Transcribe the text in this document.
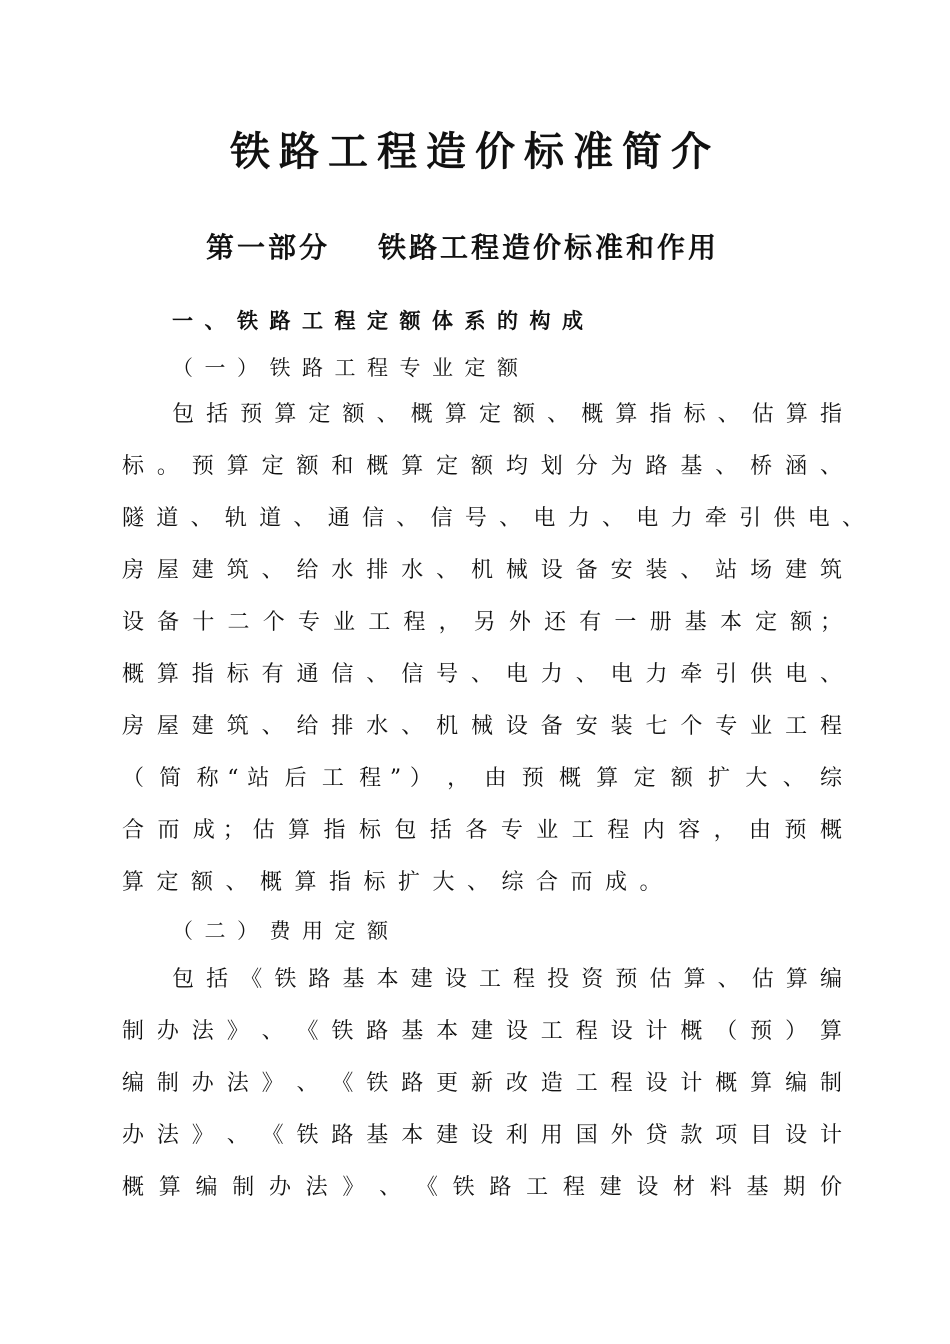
铁路工程造价标准简介
第一部分 铁路工程造价标准和作用
一、铁路工程定额体系的构成
（一）铁路工程专业定额
包 括 预 算 定 额 、 概 算 定 额 、 概 算 指 标 、 估 算 指
标 。 预 算 定 额 和 概 算 定 额 均 划 分 为 路 基 、 桥 涵 、
隧 道 、 轨 道 、 通 信 、 信 号 、 电 力 、 电 力 牵 引 供 电 、
房 屋 建 筑 、 给 水 排 水 、 机 械 设 备 安 装 、 站 场 建 筑
设 备 十 二 个 专 业 工 程 ， 另 外 还 有 一 册 基 本 定 额 ；
概 算 指 标 有 通 信 、 信 号 、 电 力 、 电 力 牵 引 供 电 、
房 屋 建 筑 、 给 排 水 、 机 械 设 备 安 装 七 个 专 业 工 程
（ 简 称 “ 站 后 工 程 ” ） ， 由 预 概 算 定 额 扩 大 、 综
合 而 成 ； 估 算 指 标 包 括 各 专 业 工 程 内 容 ， 由 预 概
算定额、概算指标扩大、综合而成。
（二）费用定额
包 括 《 铁 路 基 本 建 设 工 程 投 资 预 估 算 、 估 算 编
制 办 法 》 、 《 铁 路 基 本 建 设 工 程 设 计 概 （ 预 ） 算
编 制 办 法 》 、 《 铁 路 更 新 改 造 工 程 设 计 概 算 编 制
办 法 》 、 《 铁 路 基 本 建 设 利 用 国 外 贷 款 项 目 设 计
概 算 编 制 办 法 》 、 《 铁 路 工 程 建 设 材 料 基 期 价
